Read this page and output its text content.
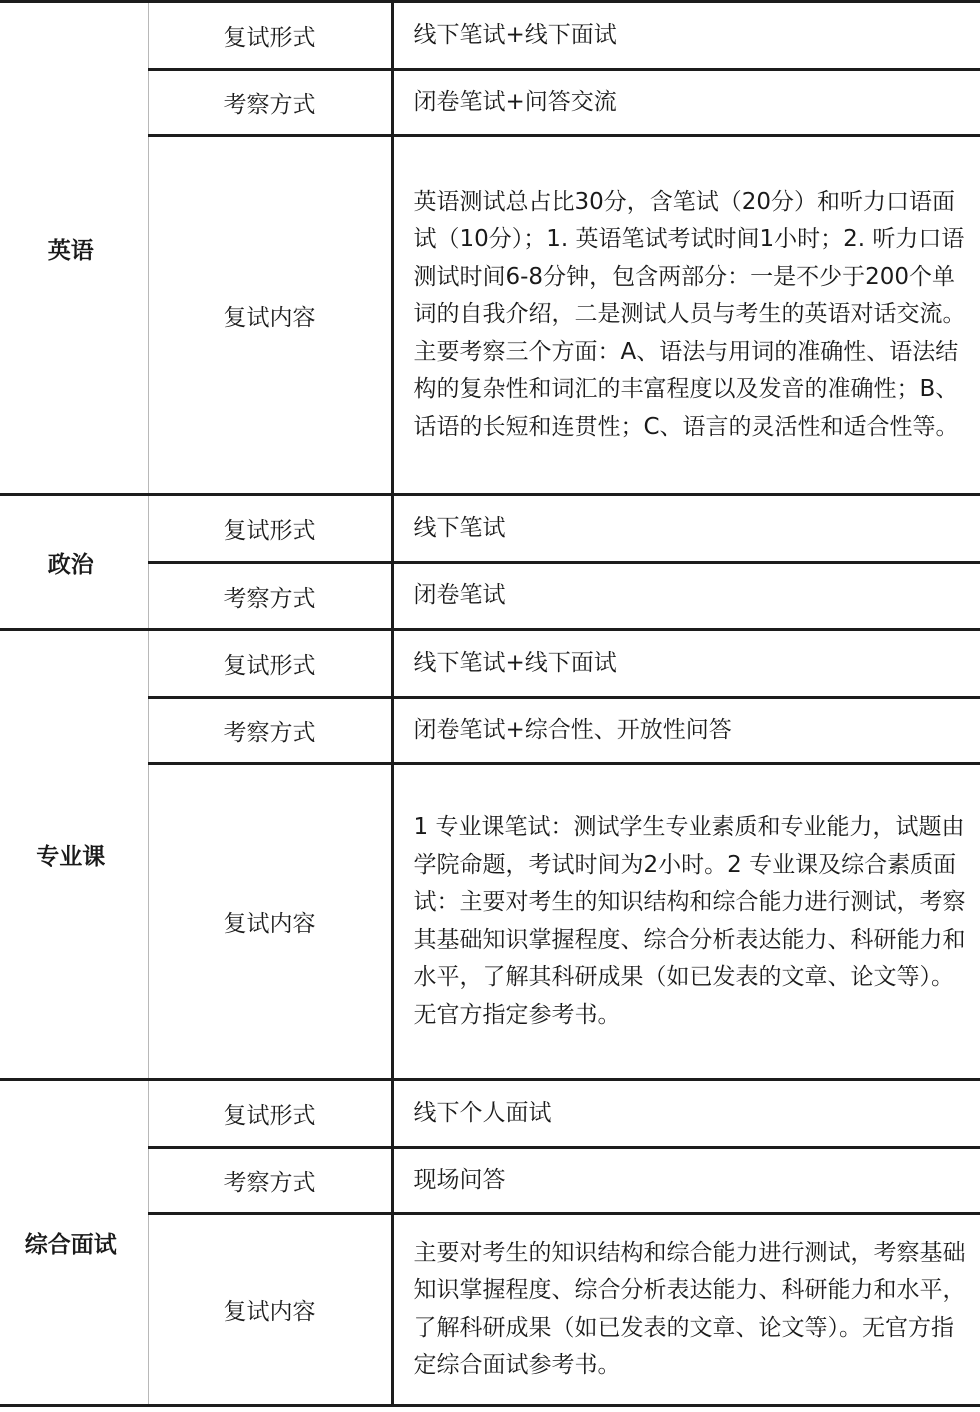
英语	复试形式	线下笔试+线下面试
	考察方式	闭卷笔试+问答交流
	复试内容	英语测试总占比30分，含笔试（20分）和听力口语面试（10分）；1. 英语笔试考试时间1小时；2. 听力口语测试时间6-8分钟，包含两部分：一是不少于200个单词的自我介绍，二是测试人员与考生的英语对话交流。主要考察三个方面：A、语法与用词的准确性、语法结构的复杂性和词汇的丰富程度以及发音的准确性；B、话语的长短和连贯性；C、语言的灵活性和适合性等。
政治	复试形式	线下笔试
	考察方式	闭卷笔试
专业课	复试形式	线下笔试+线下面试
	考察方式	闭卷笔试+综合性、开放性问答
	复试内容	1 专业课笔试：测试学生专业素质和专业能力，试题由学院命题，考试时间为2小时。2 专业课及综合素质面试：主要对考生的知识结构和综合能力进行测试，考察其基础知识掌握程度、综合分析表达能力、科研能力和水平，了解其科研成果（如已发表的文章、论文等）。无官方指定参考书。
综合面试	复试形式	线下个人面试
	考察方式	现场问答
	复试内容	主要对考生的知识结构和综合能力进行测试，考察基础知识掌握程度、综合分析表达能力、科研能力和水平，了解科研成果（如已发表的文章、论文等）。无官方指定综合面试参考书。
